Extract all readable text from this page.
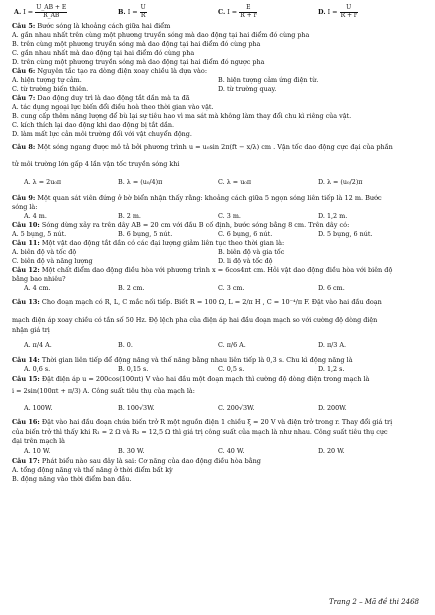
A. $I = \frac{U\_AB + E}{R\_AB}$	B. $I = \frac{U}{R}$	C. $I = \frac{E}{R + r}$	D. $I = \frac{U}{R + r}$
Câu 5: Bước sóng là khoảng cách giữa hai điểm
A. gần nhau nhất trên cùng một phương truyền sóng mà dao động tại hai điểm đó cùng pha
B. trên cùng một phương truyền sóng mà dao động tại hai điểm đó cùng pha
C. gần nhau nhất mà dao động tại hai điểm đó cùng pha
D. trên cùng một phương truyền sóng mà dao động tại hai điểm đó ngược pha
Câu 6: Nguyên tắc tạo ra dòng điện xoay chiều là dựa vào:
A. hiện tượng tự cảm.	B. hiện tượng cảm ứng điện từ.
C. từ trường biến thiên.	D. từ trường quay.
Câu 7: Dao động duy trì là dao động tắt dần mà ta đã
A. tác dụng ngoại lực biến đổi điều hoà theo thời gian vào vật.
B. cung cấp thêm năng lượng để bù lại sự tiêu hao vì ma sát mà không làm thay đổi chu kì riêng của vật.
C. kích thích lại dao động khi dao động bị tắt dần.
D. làm mất lực cản môi trường đối với vật chuyển động.
Câu 8: Một sóng ngang được mô tả bởi phương trình u = u₀sin 2π(ft − x/λ) cm . Vận tốc dao động cực đại của phần
tử môi trường lớn gấp 4 lần vận tốc truyền sóng khi
A. λ = 2u₀π	B. λ = (u₀/4)π	C. λ = u₀π	D. λ = (u₀/2)π
Câu 9: Một quan sát viên đứng ở bờ biển nhận thấy rằng: khoảng cách giữa 5 ngọn sóng liên tiếp là 12 m. Bước
sóng là:
A. 4 m.	B. 2 m.	C. 3 m.	D. 1,2 m.
Câu 10: Sóng dừng xảy ra trên dây AB = 20 cm với đầu B cố định, bước sóng bằng 8 cm. Trên dây có:
A. 5 bụng, 5 nút.	B. 6 bụng, 5 nút.	C. 6 bụng, 6 nút.	D. 5 bụng, 6 nút.
Câu 11: Một vật dao động tắt dần có các đại lượng giảm liên tục theo thời gian là:
A. biên độ và tốc độ	B. biên độ và gia tốc
C. biên độ và năng lượng	D. li độ và tốc độ
Câu 12: Một chất điểm dao động điều hòa với phương trình x = 6cos4πt cm. Hỏi vật dao động điều hòa với biên độ
bằng bao nhiêu?
A. 4 cm.	B. 2 cm.	C. 3 cm.	D. 6 cm.
Câu 13: Cho đoạn mạch có R, L, C mắc nối tiếp. Biết R = 100 Ω, L = 2/π H , C = 10⁻⁴/π F. Đặt vào hai đầu đoạn
mạch điện áp xoay chiều có tần số 50 Hz. Độ lệch pha của điện áp hai đầu đoạn mạch so với cường độ dòng điện
nhận giá trị
A. π/4 A.	B. 0.	C. π/6 A.	D. π/3 A.
Câu 14: Thời gian liên tiếp để động năng và thế năng bằng nhau liên tiếp là 0,3 s. Chu kì động năng là
A. 0,6 s.	B. 0,15 s.	C. 0,5 s.	D. 1,2 s.
Câu 15: Đặt điện áp u = 200cos(100πt) V vào hai đầu một đoạn mạch thì cường độ dòng điện trong mạch là
i = 2sin(100πt + π/3) A. Công suất tiêu thụ của mạch là:
A. 100W.	B. 100√3W.	C. 200√3W.	D. 200W.
Câu 16: Đặt vào hai đầu đoạn chứa biến trở R một nguồn điện 1 chiều ξ = 20 V và điện trở trong r. Thay đổi giá trị
của biến trở thì thấy khi R₁ = 2 Ω và R₂ = 12,5 Ω thì giá trị công suất của mạch là như nhau. Công suất tiêu thụ cực
đại trên mạch là
A. 10 W.	B. 30 W.	C. 40 W.	D. 20 W.
Câu 17: Phát biểu nào sau đây là sai: Cơ năng của dao động điều hòa bằng
A. tổng động năng và thế năng ở thời điểm bất kỳ
B. động năng vào thời điểm ban đầu.
Trang 2 – Mã đề thi 2468
